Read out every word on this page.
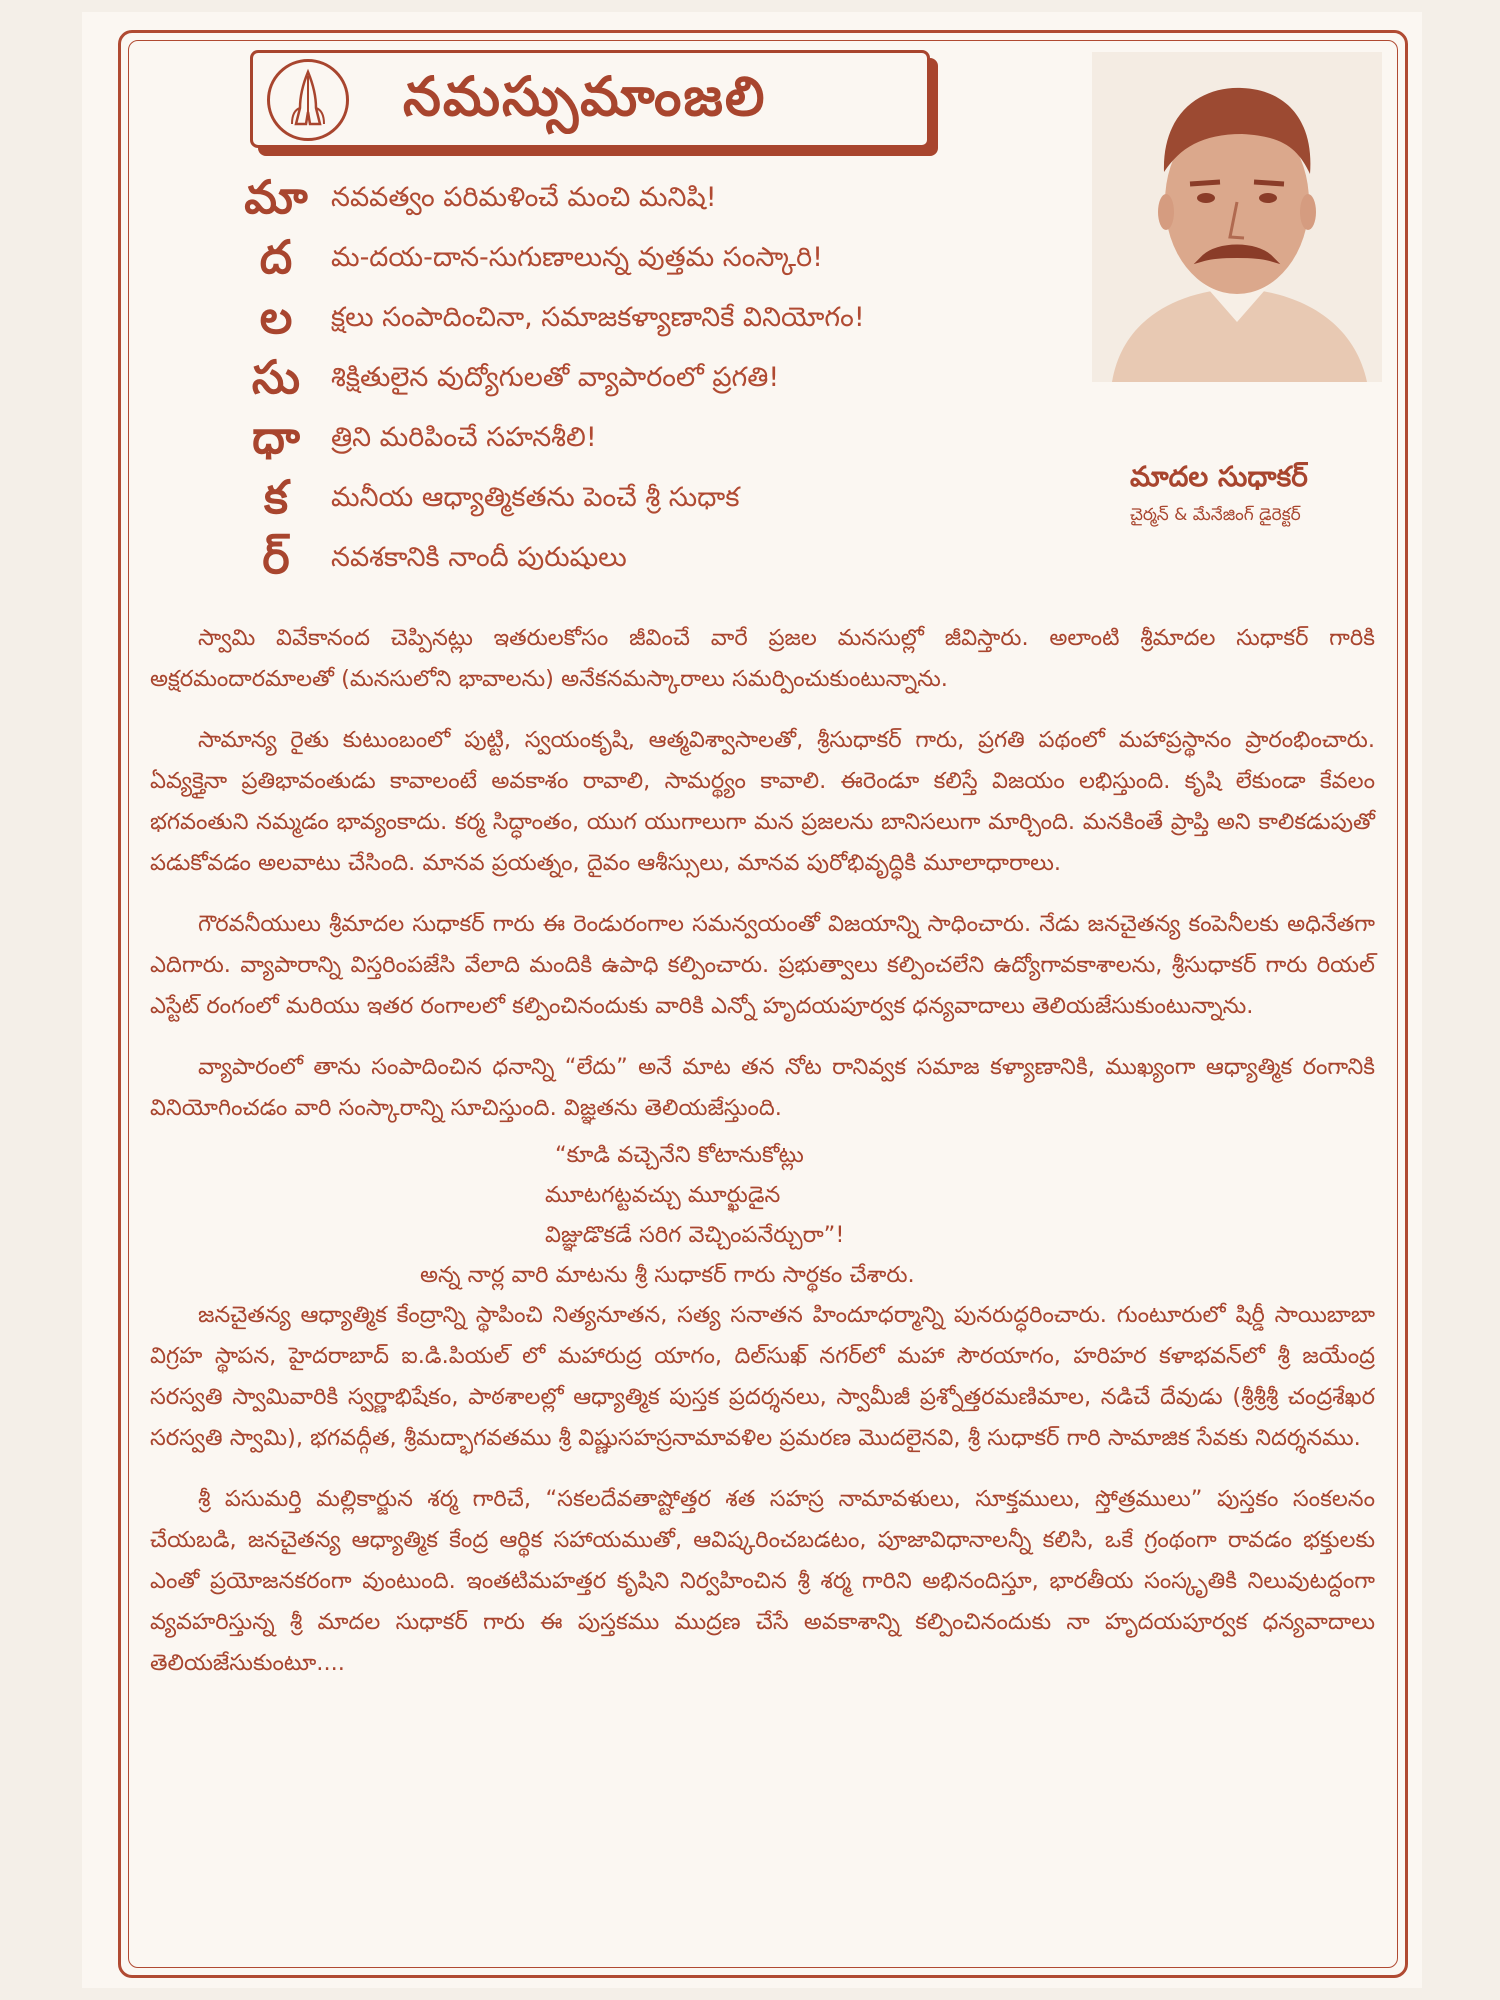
నమస్సుమాంజలి
మా నవవత్వం పరిమళించే మంచి మనిషి!
ద	మ-దయ-దాన-సుగుణాలున్న వుత్తమ సంస్కారి!
ల	క్షలు సంపాదించినా, సమాజకళ్యాణానికే వినియోగం!
సు	శిక్షితులైన వుద్యోగులతో వ్యాపారంలో ప్రగతి!
ధా	త్రిని మరిపించే సహనశీలి!
క	మనీయ ఆధ్యాత్మికతను పెంచే శ్రీ సుధాక
ర్	నవశకానికి నాందీ పురుషులు
మాదల సుధాకర్
చైర్మన్ & మేనేజింగ్ డైరెక్టర్

స్వామి వివేకానంద చెప్పినట్లు ఇతరులకోసం జీవించే వారే ప్రజల మనసుల్లో జీవిస్తారు. అలాంటి శ్రీమాదల సుధాకర్ గారికి అక్షరమందారమాలతో (మనసులోని భావాలను) అనేకనమస్కారాలు సమర్పించుకుంటున్నాను.

సామాన్య రైతు కుటుంబంలో పుట్టి, స్వయంకృషి, ఆత్మవిశ్వాసాలతో, శ్రీసుధాకర్ గారు, ప్రగతి పథంలో మహాప్రస్థానం ప్రారంభించారు. ఏవ్యక్తైనా ప్రతిభావంతుడు కావాలంటే అవకాశం రావాలి, సామర్థ్యం కావాలి. ఈరెండూ కలిస్తే విజయం లభిస్తుంది. కృషి లేకుండా కేవలం భగవంతుని నమ్మడం భావ్యంకాదు. కర్మ సిద్ధాంతం, యుగ యుగాలుగా మన ప్రజలను బానిసలుగా మార్చింది. మనకింతే ప్రాప్తి అని కాలికడుపుతో పడుకోవడం అలవాటు చేసింది. మానవ ప్రయత్నం, దైవం ఆశీస్సులు, మానవ పురోభివృద్ధికి మూలాధారాలు.

గౌరవనీయులు శ్రీమాదల సుధాకర్ గారు ఈ రెండురంగాల సమన్వయంతో విజయాన్ని సాధించారు. నేడు జనచైతన్య కంపెనీలకు అధినేతగా ఎదిగారు. వ్యాపారాన్ని విస్తరింపజేసి వేలాది మందికి ఉపాధి కల్పించారు. ప్రభుత్వాలు కల్పించలేని ఉద్యోగావకాశాలను, శ్రీసుధాకర్ గారు రియల్ ఎస్టేట్ రంగంలో మరియు ఇతర రంగాలలో కల్పించినందుకు వారికి ఎన్నో హృదయపూర్వక ధన్యవాదాలు తెలియజేసుకుంటున్నాను.

వ్యాపారంలో తాను సంపాదించిన ధనాన్ని “లేదు” అనే మాట తన నోట రానివ్వక సమాజ కళ్యాణానికి, ముఖ్యంగా ఆధ్యాత్మిక రంగానికి వినియోగించడం వారి సంస్కారాన్ని సూచిస్తుంది. విజ్ఞతను తెలియజేస్తుంది.

“కూడి వచ్చెనేని కోటానుకోట్లు
మూటగట్టవచ్చు మూర్ఖుడైన
విజ్ఞుడొకడే సరిగ వెచ్చింపనేర్చురా”!
అన్న నార్ల వారి మాటను శ్రీ సుధాకర్ గారు సార్థకం చేశారు.

జనచైతన్య ఆధ్యాత్మిక కేంద్రాన్ని స్థాపించి నిత్యనూతన, సత్య సనాతన హిందూధర్మాన్ని పునరుద్ధరించారు. గుంటూరులో షిర్డీ సాయిబాబా విగ్రహ స్థాపన, హైదరాబాద్ ఐ.డి.పియల్ లో మహారుద్ర యాగం, దిల్‌సుఖ్ నగర్‌లో మహా సౌరయాగం, హరిహర కళాభవన్‌లో శ్రీ జయేంద్ర సరస్వతి స్వామివారికి స్వర్ణాభిషేకం, పాఠశాలల్లో ఆధ్యాత్మిక పుస్తక ప్రదర్శనలు, స్వామీజీ ప్రశ్నోత్తరమణిమాల, నడిచే దేవుడు (శ్రీశ్రీశ్రీ చంద్రశేఖర సరస్వతి స్వామి), భగవద్గీత, శ్రీమద్భాగవతము శ్రీ విష్ణుసహస్రనామావళిల ప్రమరణ మొదలైనవి, శ్రీ సుధాకర్ గారి సామాజిక సేవకు నిదర్శనము.

శ్రీ పసుమర్తి మల్లికార్జున శర్మ గారిచే, “సకలదేవతాష్టోత్తర శత సహస్ర నామావళులు, సూక్తములు, స్తోత్రములు” పుస్తకం సంకలనం చేయబడి, జనచైతన్య ఆధ్యాత్మిక కేంద్ర ఆర్థిక సహాయముతో, ఆవిష్కరించబడటం, పూజావిధానాలన్నీ కలిసి, ఒకే గ్రంథంగా రావడం భక్తులకు ఎంతో ప్రయోజనకరంగా వుంటుంది. ఇంతటిమహత్తర కృషిని నిర్వహించిన శ్రీ శర్మ గారిని అభినందిస్తూ, భారతీయ సంస్కృతికి నిలువుటద్దంగా వ్యవహరిస్తున్న శ్రీ మాదల సుధాకర్ గారు ఈ పుస్తకము ముద్రణ చేసే అవకాశాన్ని కల్పించినందుకు నా హృదయపూర్వక ధన్యవాదాలు తెలియజేసుకుంటూ....
